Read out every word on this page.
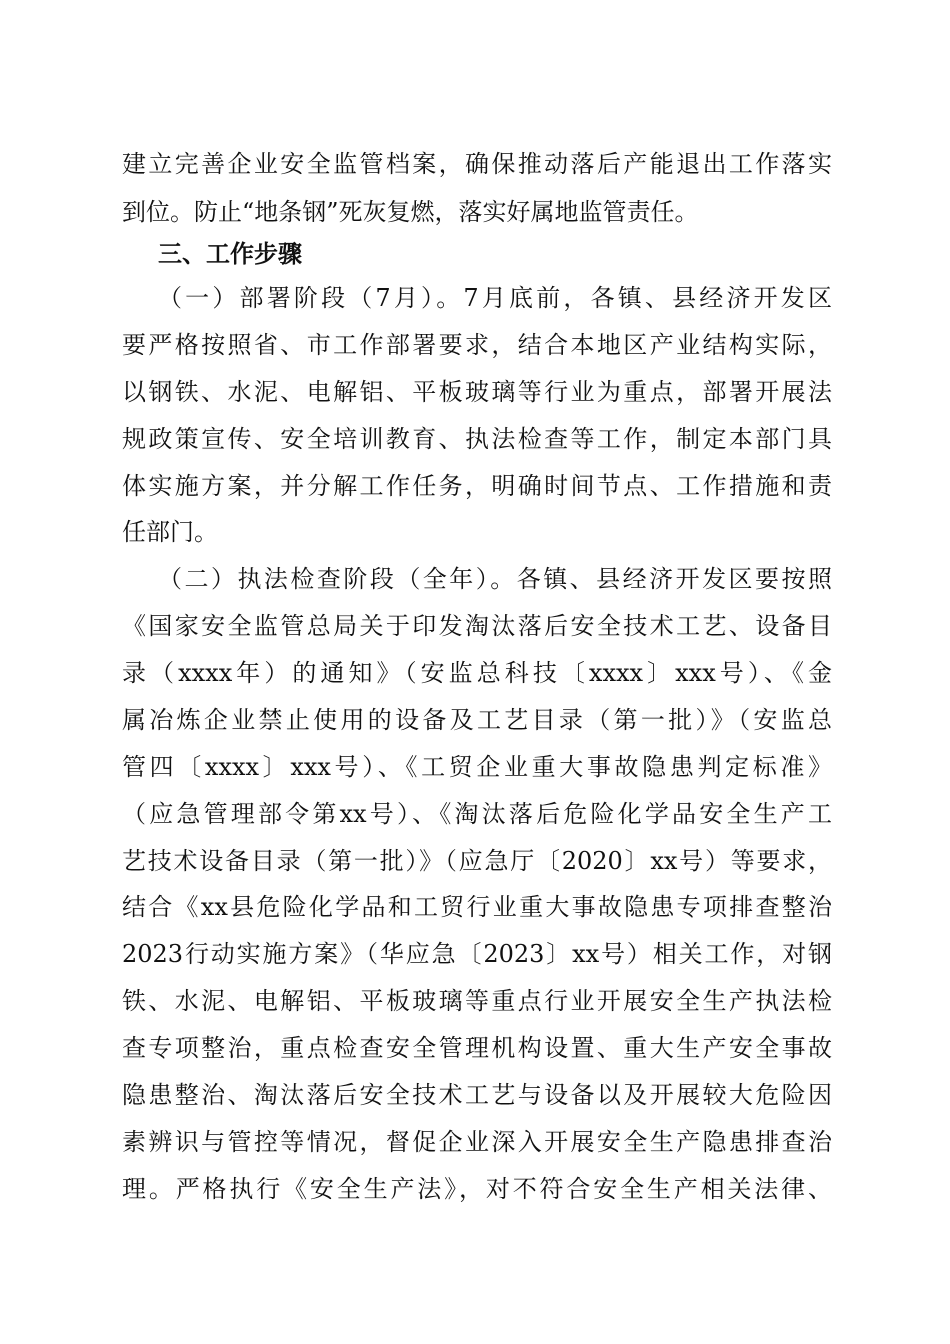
建立完善企业安全监管档案，确保推动落后产能退出工作落实
到位。防止“地条钢”死灰复燃，落实好属地监管责任。
三、工作步骤
（一）部署阶段（7月）。7月底前，各镇、县经济开发区
要严格按照省、市工作部署要求，结合本地区产业结构实际，
以钢铁、水泥、电解铝、平板玻璃等行业为重点，部署开展法
规政策宣传、安全培训教育、执法检查等工作，制定本部门具
体实施方案，并分解工作任务，明确时间节点、工作措施和责
任部门。
（二）执法检查阶段（全年）。各镇、县经济开发区要按照
《国家安全监管总局关于印发淘汰落后安全技术工艺、设备目
录（xxxx年）的通知》（安监总科技〔xxxx〕xxx号）、《金
属冶炼企业禁止使用的设备及工艺目录（第一批）》（安监总
管四〔xxxx〕xxx号）、《工贸企业重大事故隐患判定标准》
（应急管理部令第xx号）、《淘汰落后危险化学品安全生产工
艺技术设备目录（第一批）》（应急厅〔2020〕xx号）等要求，
结合《xx县危险化学品和工贸行业重大事故隐患专项排查整治
2023行动实施方案》（华应急〔2023〕xx号）相关工作，对钢
铁、水泥、电解铝、平板玻璃等重点行业开展安全生产执法检
查专项整治，重点检查安全管理机构设置、重大生产安全事故
隐患整治、淘汰落后安全技术工艺与设备以及开展较大危险因
素辨识与管控等情况，督促企业深入开展安全生产隐患排查治
理。严格执行《安全生产法》，对不符合安全生产相关法律、
